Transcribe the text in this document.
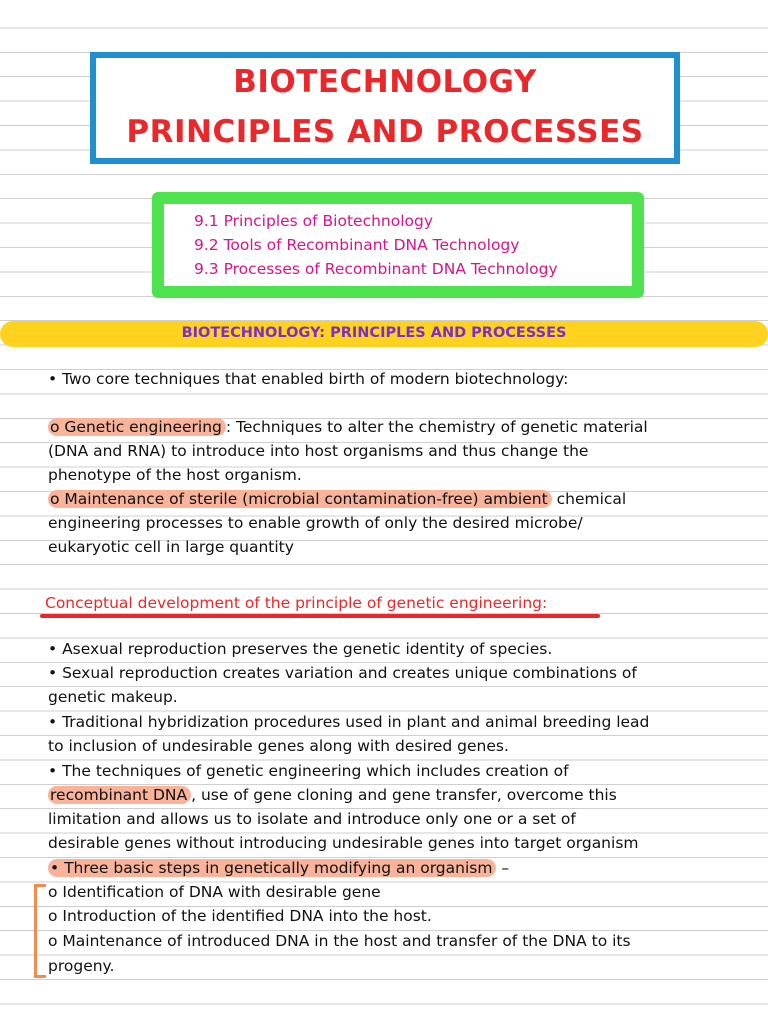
BIOTECHNOLOGY
PRINCIPLES AND PROCESSES
9.1 Principles of Biotechnology
9.2 Tools of Recombinant DNA Technology
9.3 Processes of Recombinant DNA Technology
BIOTECHNOLOGY: PRINCIPLES AND PROCESSES
• Two core techniques that enabled birth of modern biotechnology:
o Genetic engineering : Techniques to alter the chemistry of genetic material
(DNA and RNA) to introduce into host organisms and thus change the
phenotype of the host organism.
o Maintenance of sterile (microbial contamination-free) ambient chemical
engineering processes to enable growth of only the desired microbe/
eukaryotic cell in large quantity
Conceptual development of the principle of genetic engineering:
• Asexual reproduction preserves the genetic identity of species.
• Sexual reproduction creates variation and creates unique combinations of
genetic makeup.
• Traditional hybridization procedures used in plant and animal breeding lead
to inclusion of undesirable genes along with desired genes.
• The techniques of genetic engineering which includes creation of
recombinant DNA , use of gene cloning and gene transfer, overcome this
limitation and allows us to isolate and introduce only one or a set of
desirable genes without introducing undesirable genes into target organism
• Three basic steps in genetically modifying an organism –
o Identification of DNA with desirable gene
o Introduction of the identified DNA into the host.
o Maintenance of introduced DNA in the host and transfer of the DNA to its
progeny.
